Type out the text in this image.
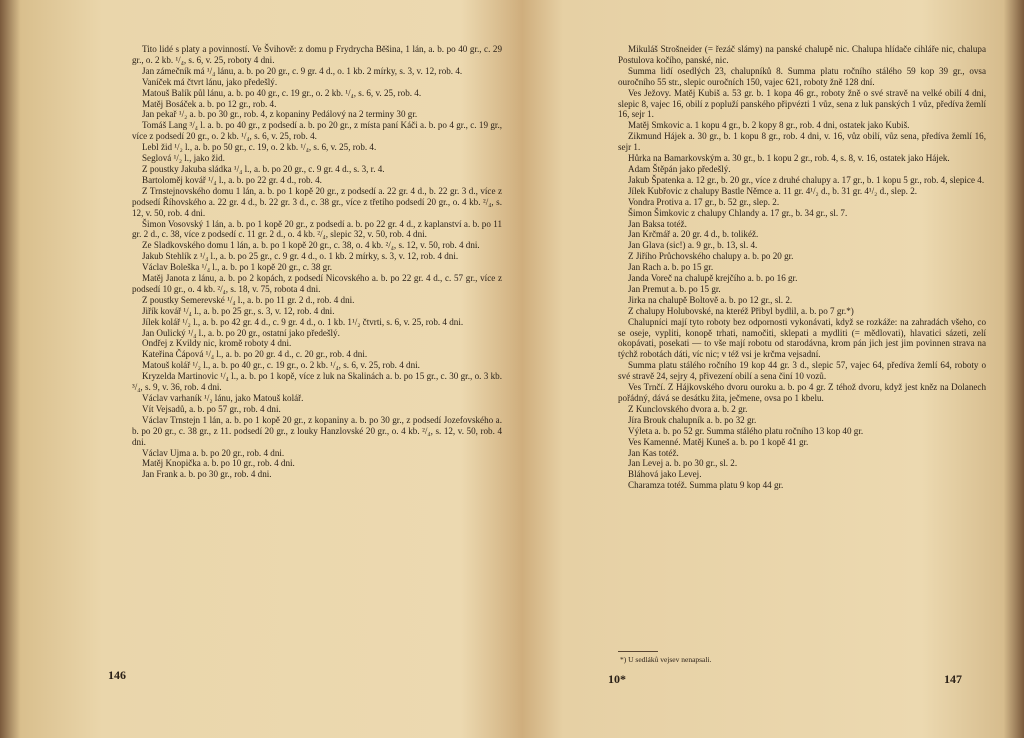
Tito lidé s platy a povinností. Ve Švihově: z domu p Frydrycha Běšina, 1 lán, a. b. po 40 gr., c. 29 gr., o. 2 kb. ¹/₄, s. 6, v. 25, roboty 4 dni.

Jan zámečník má ¹/₄ lánu, a. b. po 20 gr., c. 9 gr. 4 d., o. 1 kb. 2 mírky, s. 3, v. 12, rob. 4.

Vaníček má čtvrt lánu, jako předešlý.

Matouš Balík půl lánu, a. b. po 40 gr., c. 19 gr., o. 2 kb. ¹/₄, s. 6, v. 25, rob. 4.

Matěj Bosáček a. b. po 12 gr., rob. 4.

Jan pekař ¹/₂ a. b. po 30 gr., rob. 4, z kopaniny Pedálový na 2 terminy 30 gr.

Tomáš Lang ³/₄ l. a. b. po 40 gr., z podsedí a. b. po 20 gr., z místa paní Káči a. b. po 4 gr., c. 19 gr., více z podsedí 20 gr., o. 2 kb. ¹/₄, s. 6, v. 25, rob. 4.

Lebl žid ¹/₂ l., a. b. po 50 gr., c. 19, o. 2 kb. ¹/₄, s. 6, v. 25, rob. 4.

Seglová ¹/₂ l., jako žid.

Z poustky Jakuba sládka ¹/₄ l., a. b. po 20 gr., c. 9 gr. 4 d., s. 3, r. 4.

Bartoloměj kovář ¹/₄ l., a. b. po 22 gr. 4 d., rob. 4.

Z Trnstejnovského domu 1 lán, a. b. po 1 kopě 20 gr., z podsedí a. 22 gr. 4 d., b. 22 gr. 3 d., více z podsedí Říhovského a. 22 gr. 4 d., b. 22 gr. 3 d., c. 38 gr., více z třetího podsedí 20 gr., o. 4 kb. ²/₄, s. 12, v. 50, rob. 4 dni.

Šimon Vosovský 1 lán, a. b. po 1 kopě 20 gr., z podsedí a. b. po 22 gr. 4 d., z kaplanství a. b. po 11 gr. 2 d., c. 38, více z podsedí c. 11 gr. 2 d., o. 4 kb. ²/₄, slepic 32, v. 50, rob. 4 dni.

Ze Sladkovského domu 1 lán, a. b. po 1 kopě 20 gr., c. 38, o. 4 kb. ²/₄, s. 12, v. 50, rob. 4 dni.

Jakub Stehlík z ¹/₄ l., a. b. po 25 gr., c. 9 gr. 4 d., o. 1 kb. 2 mírky, s. 3, v. 12, rob. 4 dni.

Václav Boleška ¹/₄ l., a. b. po 1 kopě 20 gr., c. 38 gr.

Matěj Janota z lánu, a. b. po 2 kopách, z podsedí Nicovského a. b. po 22 gr. 4 d., c. 57 gr., více z podsedí 10 gr., o. 4 kb. ²/₄, s. 18, v. 75, robota 4 dni.

Z poustky Semerevské ¹/₄ l., a. b. po 11 gr. 2 d., rob. 4 dni.

Jiřík kovář ¹/₄ l., a. b. po 25 gr., s. 3, v. 12, rob. 4 dni.

Jílek kolář ¹/₂ l., a. b. po 42 gr. 4 d., c. 9 gr. 4 d., o. 1 kb. 1¹/₂ čtvrti, s. 6, v. 25, rob. 4 dni.

Jan Oulický ¹/₄ l., a. b. po 20 gr., ostatní jako předešlý.

Ondřej z Kvildy nic, kromě roboty 4 dni.

Kateřina Čápová ¹/₄ l., a. b. po 20 gr. 4 d., c. 20 gr., rob. 4 dni.

Matouš kolář ¹/₂ l., a. b. po 40 gr., c. 19 gr., o. 2 kb. ¹/₄, s. 6, v. 25, rob. 4 dni.

Kryzelda Martinovic ¹/₄ l., a. b. po 1 kopě, více z luk na Skalinách a. b. po 15 gr., c. 30 gr., o. 3 kb. ³/₄, s. 9, v. 36, rob. 4 dni.

Václav varhaník ¹/₂ lánu, jako Matouš kolář.

Vít Vejsadů, a. b. po 57 gr., rob. 4 dni.

Václav Trnstejn 1 lán, a. b. po 1 kopě 20 gr., z kopaniny a. b. po 30 gr., z podsedí Jozefovského a. b. po 20 gr., c. 38 gr., z 11. podsedí 20 gr., z louky Hanzlovské 20 gr., o. 4 kb. ²/₄, s. 12, v. 50, rob. 4 dni.

Václav Ujma a. b. po 20 gr., rob. 4 dni.

Matěj Knopička a. b. po 10 gr., rob. 4 dni.

Jan Frank a. b. po 30 gr., rob. 4 dni.

146

Mikuláš Strošneider (= řezáč slámy) na panské chalupě nic. Chalupa hlídače cihláře nic, chalupa Postulova kočího, panské, nic.

Summa lidí osedlých 23, chalupníků 8. Summa platu ročního stálého 59 kop 39 gr., ovsa ouročního 55 str., slepic ouročních 150, vajec 621, roboty žně 128 dní.

Ves Ježovy. Matěj Kubiš a. 53 gr. b. 1 kopa 46 gr., roboty žně o své stravě na velké obilí 4 dni, slepic 8, vajec 16, obilí z popluží panského připvézti 1 vůz, sena z luk panských 1 vůz, předíva žemlí 16, sejr 1.

Matěj Smkovic a. 1 kopu 4 gr., b. 2 kopy 8 gr., rob. 4 dni, ostatek jako Kubiš.

Zikmund Hájek a. 30 gr., b. 1 kopu 8 gr., rob. 4 dni, v. 16, vůz obilí, vůz sena, předíva žemlí 16, sejr 1.

Hůrka na Bamarkovským a. 30 gr., b. 1 kopu 2 gr., rob. 4, s. 8, v. 16, ostatek jako Hájek.

Adam Štěpán jako předešlý.

Jakub Špatenka a. 12 gr., b. 20 gr., více z druhé chalupy a. 17 gr., b. 1 kopu 5 gr., rob. 4, slepice 4.

Jílek Kubřovic z chalupy Bastle Němce a. 11 gr. 4¹/₂ d., b. 31 gr. 4¹/₂ d., slep. 2.

Vondra Protiva a. 17 gr., b. 52 gr., slep. 2.

Šimon Šimkovic z chalupy Chlandy a. 17 gr., b. 34 gr., sl. 7.

Jan Baksa totéž.

Jan Krčmář a. 20 gr. 4 d., b. tolikéž.

Jan Glava (sic!) a. 9 gr., b. 13, sl. 4.

Z Jiřího Průchovského chalupy a. b. po 20 gr.

Jan Rach a. b. po 15 gr.

Janda Voreč na chalupě krejčího a. b. po 16 gr.

Jan Premut a. b. po 15 gr.

Jirka na chalupě Boltově a. b. po 12 gr., sl. 2.

Z chalupy Holubovské, na kteréž Přibyl bydlil, a. b. po 7 gr.*)

Chalupníci mají tyto roboty bez odpornosti vykonávati, když se rozkáže: na zahradách všeho, co se oseje, vypliti, konopě trhati, namočiti, sklepati a mydliti (= mědlovati), hlavatici sázeti, zelí okopávati, posekati — to vše mají robotu od starodávna, krom pán jich jest jim povinnen strava na týchž robotách dáti, víc nic; v též vsi je krčma vejsadní.

Summa platu stálého ročního 19 kop 44 gr. 3 d., slepic 57, vajec 64, předíva žemlí 64, roboty o své stravě 24, sejry 4, přivezení obilí a sena činí 10 vozů.

Ves Trnčí. Z Hájkovského dvoru ouroku a. b. po 4 gr. Z téhož dvoru, když jest kněz na Dolanech pořádný, dává se desátku žita, ječmene, ovsa po 1 kbelu.

Z Kunclovského dvora a. b. 2 gr.

Jíra Brouk chalupník a. b. po 32 gr.

Výleta a. b. po 52 gr. Summa stálého platu ročního 13 kop 40 gr.

Ves Kamenné. Matěj Kuneš a. b. po 1 kopě 41 gr.

Jan Kas totéž.

Jan Levej a. b. po 30 gr., sl. 2.

Bláhová jako Levej.

Charamza totéž. Summa platu 9 kop 44 gr.

*) U sedláků vejsev nenapsali.
10*	147
